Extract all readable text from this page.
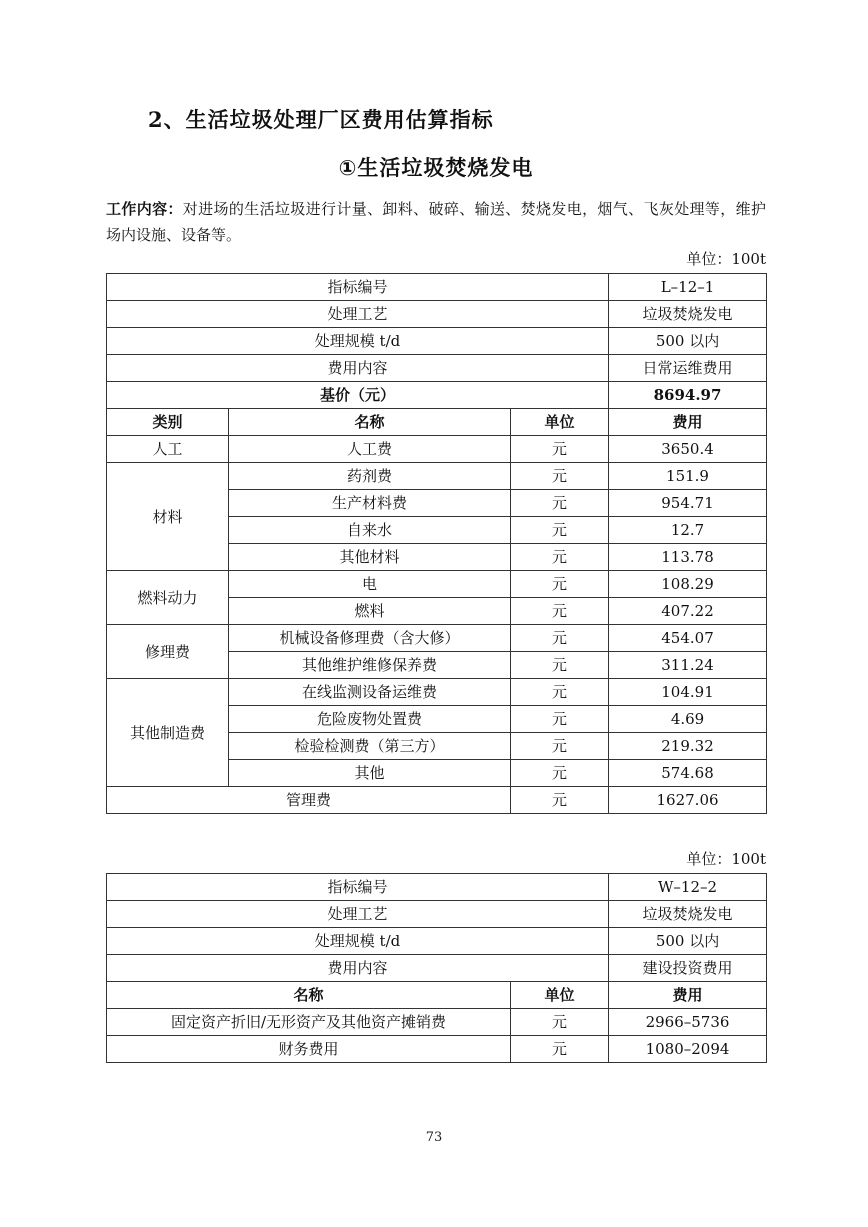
2、生活垃圾处理厂区费用估算指标
①生活垃圾焚烧发电

工作内容：对进场的生活垃圾进行计量、卸料、破碎、输送、焚烧发电，烟气、飞灰处理等，维护场内设施、设备等。

单位：100t

指标编号			L–12–1
处理工艺			垃圾焚烧发电
处理规模 t/d			500 以内
费用内容			日常运维费用
基价（元）			8694.97
类别	名称	单位	费用
人工	人工费	元	3650.4
材料	药剂费	元	151.9
	生产材料费	元	954.71
	自来水	元	12.7
	其他材料	元	113.78
燃料动力	电	元	108.29
	燃料	元	407.22
修理费	机械设备修理费（含大修）	元	454.07
	其他维护维修保养费	元	311.24
其他制造费	在线监测设备运维费	元	104.91
	危险废物处置费	元	4.69
	检验检测费（第三方）	元	219.32
	其他	元	574.68
管理费		元	1627.06

单位：100t

指标编号		W–12–2
处理工艺		垃圾焚烧发电
处理规模 t/d		500 以内
费用内容		建设投资费用
名称	单位	费用
固定资产折旧/无形资产及其他资产摊销费	元	2966–5736
财务费用	元	1080–2094
73
